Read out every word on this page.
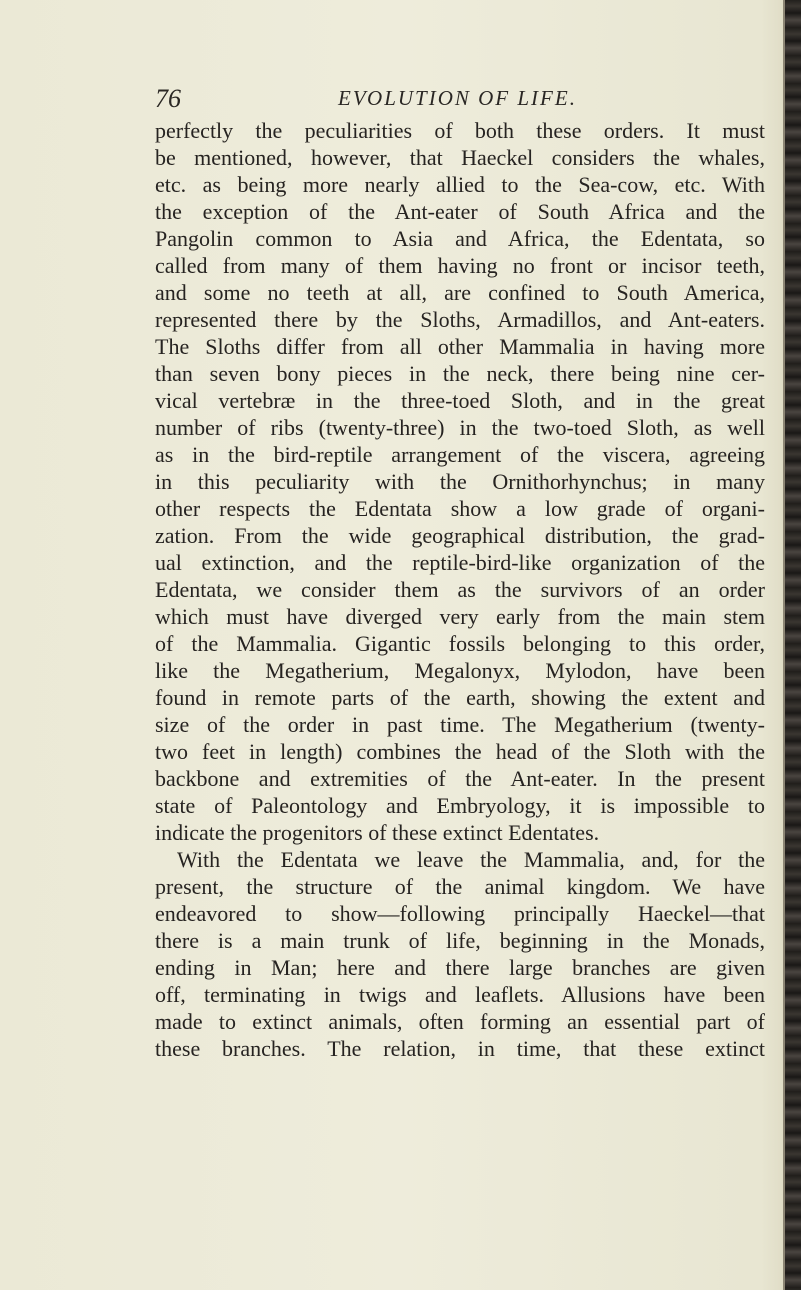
76	EVOLUTION OF LIFE.
perfectly the peculiarities of both these orders. It must
be mentioned, however, that Haeckel considers the whales,
etc. as being more nearly allied to the Sea-cow, etc. With
the exception of the Ant-eater of South Africa and the
Pangolin common to Asia and Africa, the Edentata, so
called from many of them having no front or incisor teeth,
and some no teeth at all, are confined to South America,
represented there by the Sloths, Armadillos, and Ant-eaters.
The Sloths differ from all other Mammalia in having more
than seven bony pieces in the neck, there being nine cer-
vical vertebræ in the three-toed Sloth, and in the great
number of ribs (twenty-three) in the two-toed Sloth, as well
as in the bird-reptile arrangement of the viscera, agreeing
in this peculiarity with the Ornithorhynchus; in many
other respects the Edentata show a low grade of organi-
zation. From the wide geographical distribution, the grad-
ual extinction, and the reptile-bird-like organization of the
Edentata, we consider them as the survivors of an order
which must have diverged very early from the main stem
of the Mammalia. Gigantic fossils belonging to this order,
like the Megatherium, Megalonyx, Mylodon, have been
found in remote parts of the earth, showing the extent and
size of the order in past time. The Megatherium (twenty-
two feet in length) combines the head of the Sloth with the
backbone and extremities of the Ant-eater. In the present
state of Paleontology and Embryology, it is impossible to
indicate the progenitors of these extinct Edentates.
With the Edentata we leave the Mammalia, and, for the
present, the structure of the animal kingdom. We have
endeavored to show—following principally Haeckel—that
there is a main trunk of life, beginning in the Monads,
ending in Man; here and there large branches are given
off, terminating in twigs and leaflets. Allusions have been
made to extinct animals, often forming an essential part of
these branches. The relation, in time, that these extinct
